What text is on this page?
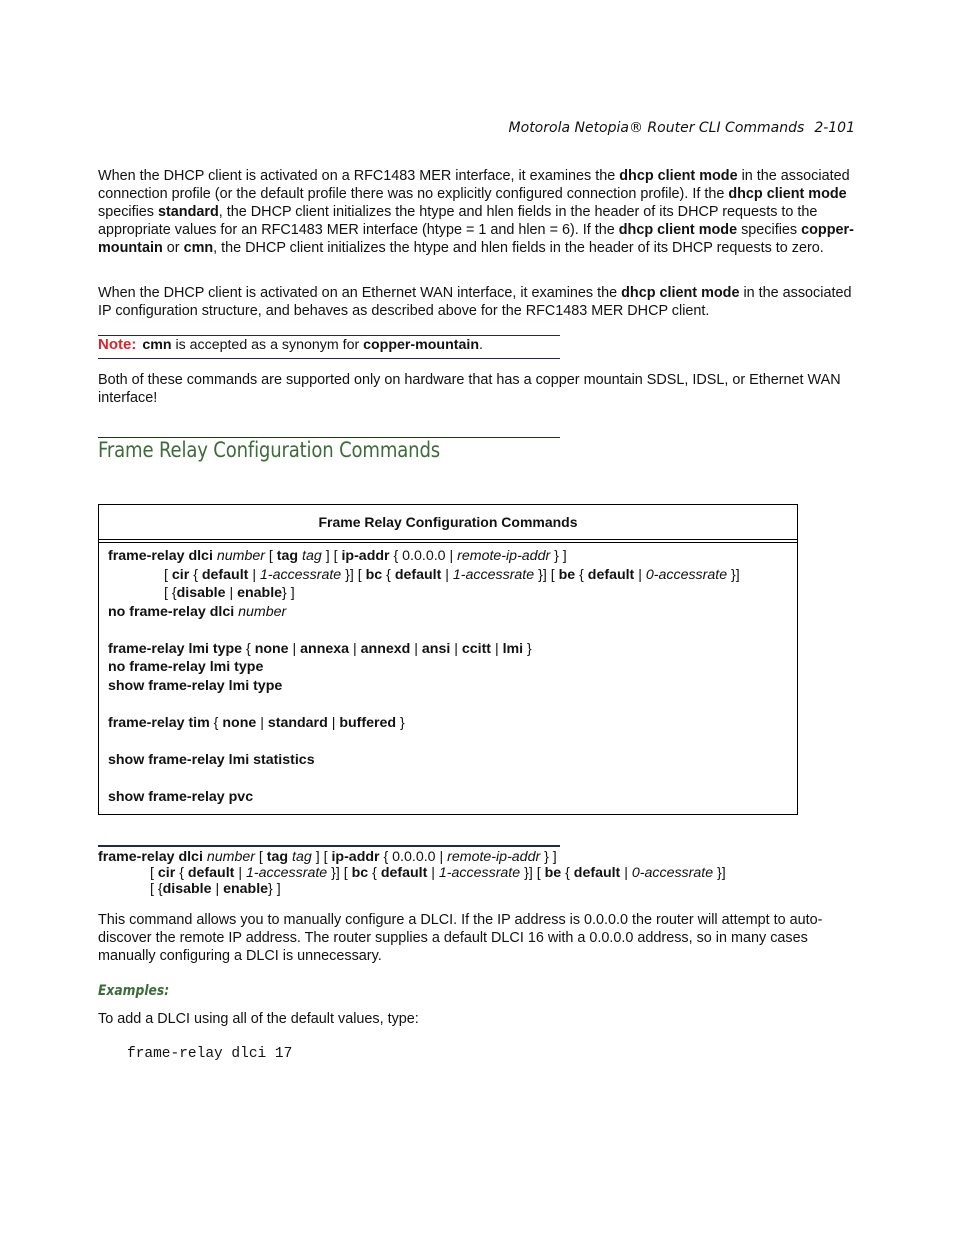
Motorola Netopia® Router CLI Commands 2-101

When the DHCP client is activated on a RFC1483 MER interface, it examines the dhcp client mode in the associated connection profile (or the default profile there was no explicitly configured connection profile). If the dhcp client mode specifies standard, the DHCP client initializes the htype and hlen fields in the header of its DHCP requests to the appropriate values for an RFC1483 MER interface (htype = 1 and hlen = 6). If the dhcp client mode specifies copper-mountain or cmn, the DHCP client initializes the htype and hlen fields in the header of its DHCP requests to zero.

When the DHCP client is activated on an Ethernet WAN interface, it examines the dhcp client mode in the associated IP configuration structure, and behaves as described above for the RFC1483 MER DHCP client.

Note: cmn is accepted as a synonym for copper-mountain.

Both of these commands are supported only on hardware that has a copper mountain SDSL, IDSL, or Ethernet WAN interface!

Frame Relay Configuration Commands
Frame Relay Configuration Commands
frame-relay dlci number [ tag tag ] [ ip-addr { 0.0.0.0 | remote-ip-addr } ]
[ cir { default | 1-accessrate }] [ bc { default | 1-accessrate }] [ be { default | 0-accessrate }]
[ {disable | enable} ]
no frame-relay dlci number
frame-relay lmi type { none | annexa | annexd | ansi | ccitt | lmi }
no frame-relay lmi type
show frame-relay lmi type
frame-relay tim { none | standard | buffered }
show frame-relay lmi statistics
show frame-relay pvc
frame-relay dlci number [ tag tag ] [ ip-addr { 0.0.0.0 | remote-ip-addr } ]
[ cir { default | 1-accessrate }] [ bc { default | 1-accessrate }] [ be { default | 0-accessrate }]
[ {disable | enable} ]

This command allows you to manually configure a DLCI. If the IP address is 0.0.0.0 the router will attempt to auto-discover the remote IP address. The router supplies a default DLCI 16 with a 0.0.0.0 address, so in many cases manually configuring a DLCI is unnecessary.

Examples:

To add a DLCI using all of the default values, type:

frame-relay dlci 17
